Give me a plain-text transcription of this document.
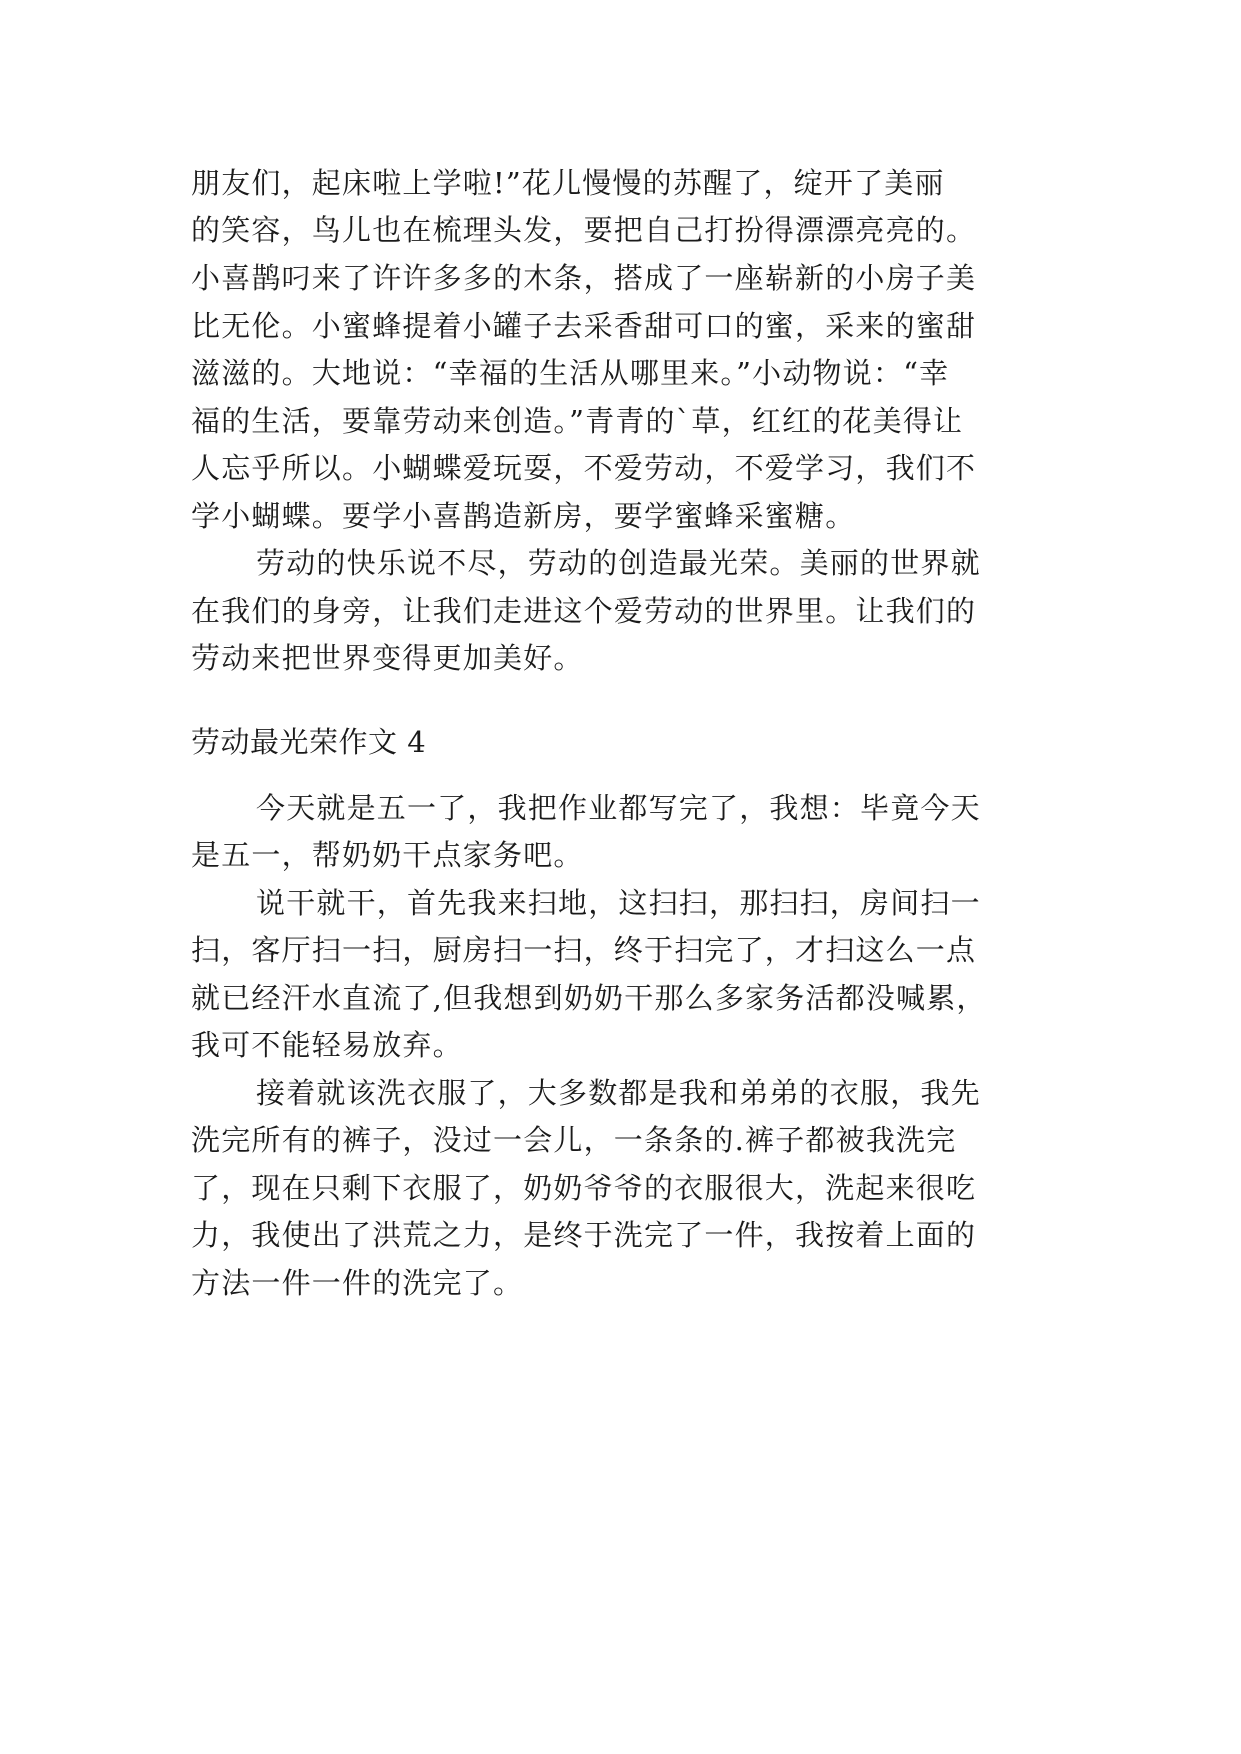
朋友们，起床啦上学啦!”花儿慢慢的苏醒了，绽开了美丽
的笑容，鸟儿也在梳理头发，要把自己打扮得漂漂亮亮的。
小喜鹊叼来了许许多多的木条，搭成了一座崭新的小房子美
比无伦。小蜜蜂提着小罐子去采香甜可口的蜜，采来的蜜甜
滋滋的。大地说：“幸福的生活从哪里来。”小动物说：“幸
福的生活，要靠劳动来创造。”青青的`草，红红的花美得让
人忘乎所以。小蝴蝶爱玩耍，不爱劳动，不爱学习，我们不
学小蝴蝶。要学小喜鹊造新房，要学蜜蜂采蜜糖。
劳动的快乐说不尽，劳动的创造最光荣。美丽的世界就
在我们的身旁，让我们走进这个爱劳动的世界里。让我们的
劳动来把世界变得更加美好。
劳动最光荣作文 4
今天就是五一了，我把作业都写完了，我想：毕竟今天
是五一，帮奶奶干点家务吧。
说干就干，首先我来扫地，这扫扫，那扫扫，房间扫一
扫，客厅扫一扫，厨房扫一扫，终于扫完了，才扫这么一点
就已经汗水直流了,但我想到奶奶干那么多家务活都没喊累，
我可不能轻易放弃。
接着就该洗衣服了，大多数都是我和弟弟的衣服，我先
洗完所有的裤子，没过一会儿，一条条的.裤子都被我洗完
了，现在只剩下衣服了，奶奶爷爷的衣服很大，洗起来很吃
力，我使出了洪荒之力，是终于洗完了一件，我按着上面的
方法一件一件的洗完了。
